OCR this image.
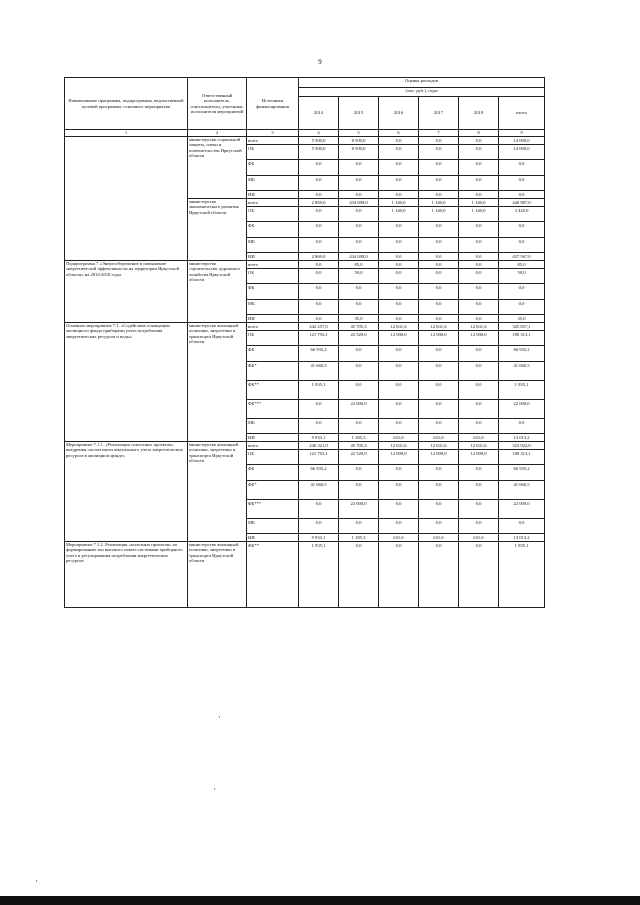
9
Наименование программы, подпрограммы, ведомственной целевой программы, основного мероприятия	Ответственный исполнитель, соисполнители, участники, исполнители мероприятий	Источники финансирования	Оценка расходов					
			(тыс. руб.), годы					
			2014	2015	2016	2017	2018	итого
1	2	3	4	5	6	7	8	9
	министерство социальной защиты, опеки и попечительства Иркутской области	всего	5 500,0	8 500,0	0,0	0,0	0,0	14 000,0
		ОБ	5 500,0	8 500,0	0,0	0,0	0,0	14 000,0
		ФБ	0,0	0,0	0,0	0,0	0,0	0,0
		МБ	0,0	0,0	0,0	0,0	0,0	0,0
		ИИ	0,0	0,0	0,0	0,0	0,0	0,0
	министерство экономического развития Иркутской области	всего	2 869,0	434 698,0	1 140,0	1 140,0	1 140,0	440 987,0
		ОБ	0,0	0,0	1 140,0	1 140,0	1 140,0	3 420,0
		ФБ	0,0	0,0	0,0	0,0	0,0	0,0
		МБ	0,0	0,0	0,0	0,0	0,0	0,0
		ИИ	2 869,0	434 698,0	0,0	0,0	0,0	437 567,0
Подпрограмма 7 «Энергосбережение и повышение энергетической эффективности на территории Иркутской области» на 2014-2018 годы	министерство строительства, дорожного хозяйства Иркутской области	всего	0,0	85,0	0,0	0,0	0,0	85,0
		ОБ	0,0	50,0	0,0	0,0	0,0	50,0
		ФБ	0,0	0,0	0,0	0,0	0,0	0,0
		МБ	0,0	0,0	0,0	0,0	0,0	0,0
		ИИ	0,0	35,0	0,0	0,0	0,0	35,0
Основное мероприятие 7.1. «Содействие оснащению жилищного фонда приборами учета потребления энергетических ресурсов и воды»	министерство жилищной политики, энергетики и транспорта Иркутской области	всего	242 257,0	45 705,3	12 631,6	12 631,6	12 631,6	325 857,1
		ОБ	121 793,1	22 520,0	12 000,0	12 000,0	12 000,0	180 313,1
		ФБ	66 935,2	0,0	0,0	0,0	0,0	66 935,2
		ФБ*	41 660,5	0,0	0,0	0,0	0,0	41 660,5
		ФБ**	1 935,1	0,0	0,0	0,0	0,0	1 935,1
		ФБ***	0,0	22 000,0	0,0	0,0	0,0	22 000,0
		МБ	0,0	0,0	0,0	0,0	0,0	0,0
		ИИ	9 933,1	1 185,3	631,6	631,6	631,6	13 013,2
Мероприятие 7.1.1. «Реализация «пилотных проектов» внедрения систем интеллектуального учета энергетических ресурсов в жилищном фонде»	министерство жилищной политики, энергетики и транспорта Иркутской области	всего	240 321,9	45 705,3	12 631,6	12 631,6	12 631,6	323 922,0
		ОБ	121 793,1	22 520,0	12 000,0	12 000,0	12 000,0	180 313,1
		ФБ	66 935,2	0,0	0,0	0,0	0,0	66 935,2
		ФБ*	41 660,5	0,0	0,0	0,0	0,0	41 660,5
		ФБ***	0,0	22 000,0	0,0	0,0	0,0	22 000,0
		МБ	0,0	0,0	0,0	0,0	0,0	0,0
		ИИ	9 933,1	1 185,3	631,6	631,6	631,6	13 013,2
Мероприятие 7.1.2. Реализация «пилотных проектов» по формированию зон высокого охвата системами приборного учета и регулирования потребления энергетических ресурсов	министерство жилищной политики, энергетики и транспорта Иркутской области	ФБ**	1 935,1	0,0	0,0	0,0	0,0	1 935,1
